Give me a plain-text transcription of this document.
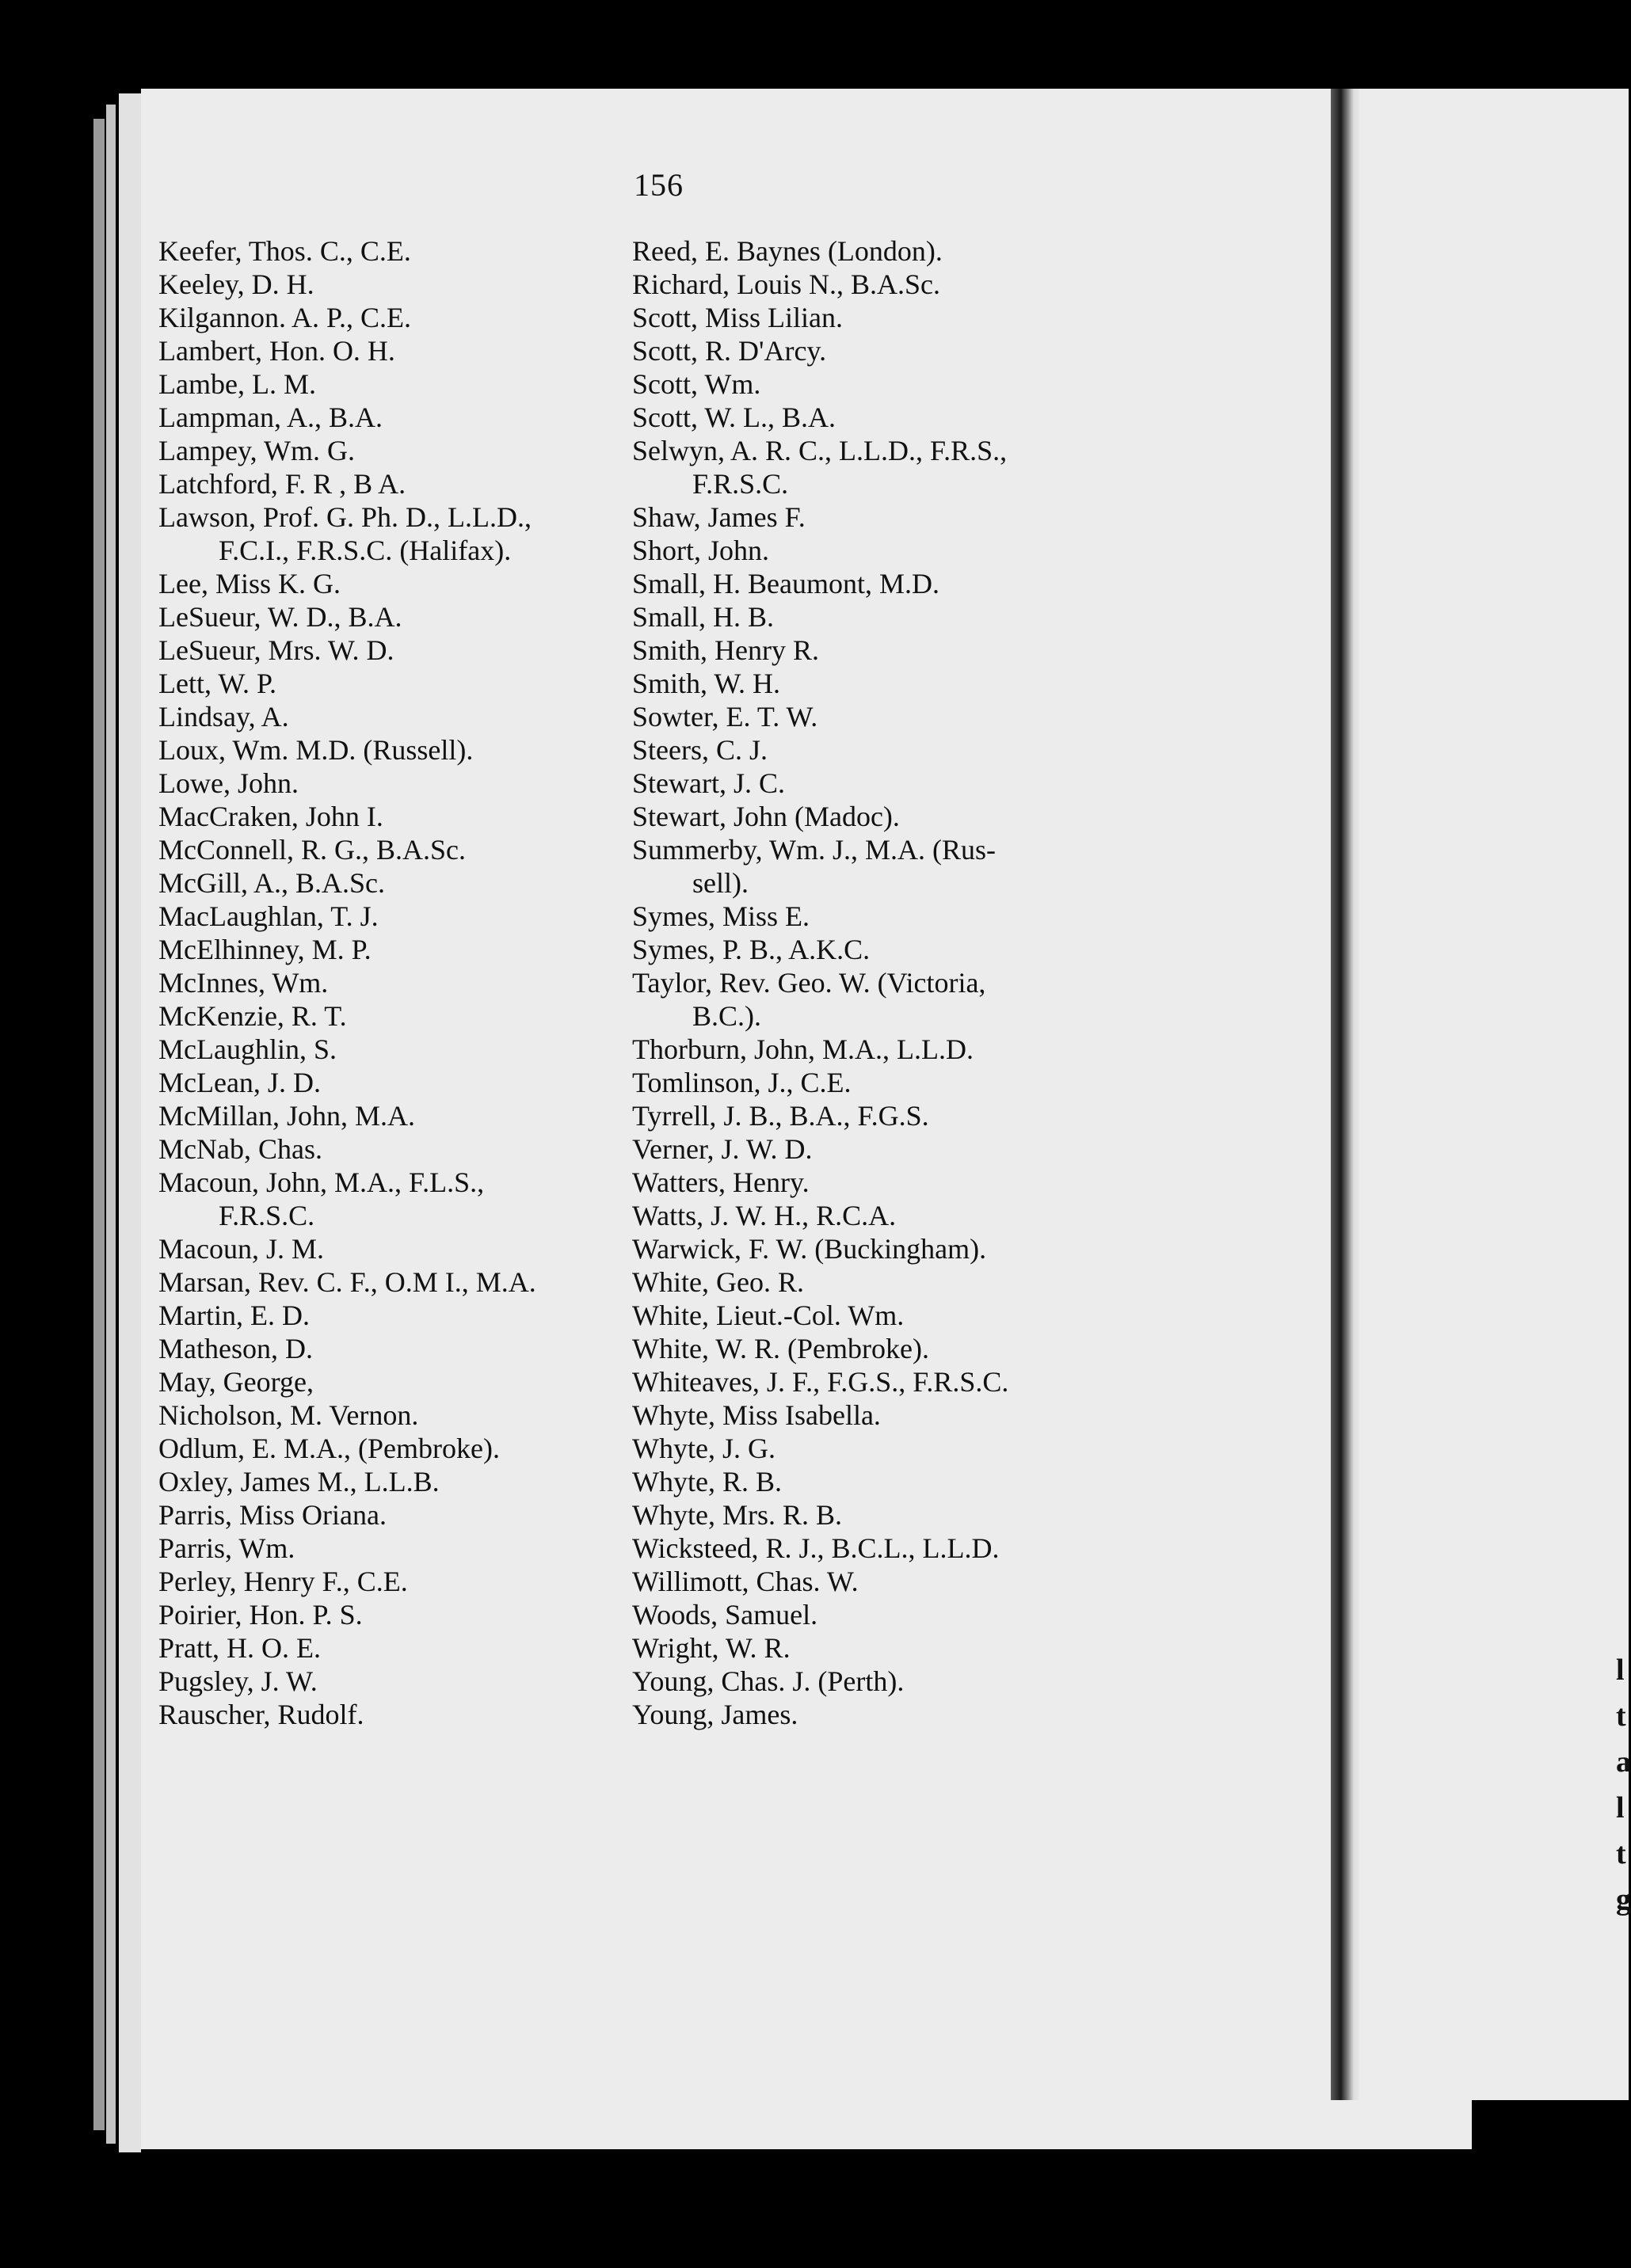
156
Keefer, Thos. C., C.E.
Keeley, D. H.
Kilgannon. A. P., C.E.
Lambert, Hon. O. H.
Lambe, L. M.
Lampman, A., B.A.
Lampey, Wm. G.
Latchford, F. R , B A.
Lawson, Prof. G. Ph. D., L.L.D.,
F.C.I., F.R.S.C. (Halifax).
Lee, Miss K. G.
LeSueur, W. D., B.A.
LeSueur, Mrs. W. D.
Lett, W. P.
Lindsay, A.
Loux, Wm. M.D. (Russell).
Lowe, John.
MacCraken, John I.
McConnell, R. G., B.A.Sc.
McGill, A., B.A.Sc.
MacLaughlan, T. J.
McElhinney, M. P.
McInnes, Wm.
McKenzie, R. T.
McLaughlin, S.
McLean, J. D.
McMillan, John, M.A.
McNab, Chas.
Macoun, John, M.A., F.L.S.,
F.R.S.C.
Macoun, J. M.
Marsan, Rev. C. F., O.M I., M.A.
Martin, E. D.
Matheson, D.
May, George,
Nicholson, M. Vernon.
Odlum, E. M.A., (Pembroke).
Oxley, James M., L.L.B.
Parris, Miss Oriana.
Parris, Wm.
Perley, Henry F., C.E.
Poirier, Hon. P. S.
Pratt, H. O. E.
Pugsley, J. W.
Rauscher, Rudolf.
Reed, E. Baynes (London).
Richard, Louis N., B.A.Sc.
Scott, Miss Lilian.
Scott, R. D'Arcy.
Scott, Wm.
Scott, W. L., B.A.
Selwyn, A. R. C., L.L.D., F.R.S.,
F.R.S.C.
Shaw, James F.
Short, John.
Small, H. Beaumont, M.D.
Small, H. B.
Smith, Henry R.
Smith, W. H.
Sowter, E. T. W.
Steers, C. J.
Stewart, J. C.
Stewart, John (Madoc).
Summerby, Wm. J., M.A. (Rus-
sell).
Symes, Miss E.
Symes, P. B., A.K.C.
Taylor, Rev. Geo. W. (Victoria,
B.C.).
Thorburn, John, M.A., L.L.D.
Tomlinson, J., C.E.
Tyrrell, J. B., B.A., F.G.S.
Verner, J. W. D.
Watters, Henry.
Watts, J. W. H., R.C.A.
Warwick, F. W. (Buckingham).
White, Geo. R.
White, Lieut.-Col. Wm.
White, W. R. (Pembroke).
Whiteaves, J. F., F.G.S., F.R.S.C.
Whyte, Miss Isabella.
Whyte, J. G.
Whyte, R. B.
Whyte, Mrs. R. B.
Wicksteed, R. J., B.C.L., L.L.D.
Willimott, Chas. W.
Woods, Samuel.
Wright, W. R.
Young, Chas. J. (Perth).
Young, James.
l
t
a
l
t
g
